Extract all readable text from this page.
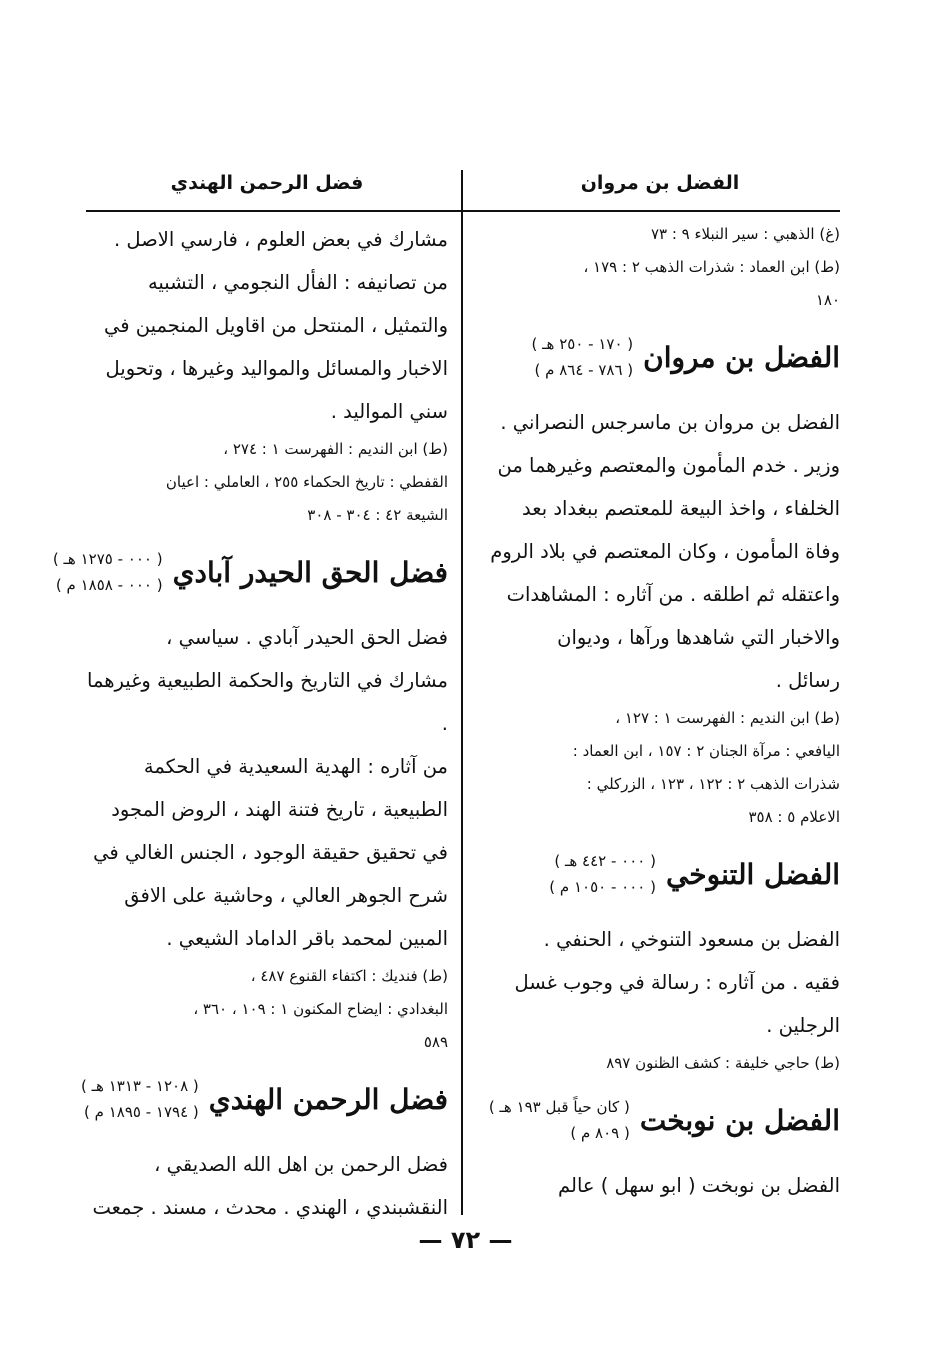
الفضل بن مروان
(غ) الذهبي : سير النبلاء ٩ : ٧٣
(ط) ابن العماد : شذرات الذهب ٢ : ١٧٩ ،
١٨٠
الفضل بن مروان
( ١٧٠ - ٢٥٠ هـ )
( ٧٨٦ - ٨٦٤ م )
الفضل بن مروان بن ماسرجس النصراني .
وزير . خدم المأمون والمعتصم وغيرهما من
الخلفاء ، واخذ البيعة للمعتصم ببغداد بعد
وفاة المأمون ، وكان المعتصم في بلاد الروم
واعتقله ثم اطلقه . من آثاره : المشاهدات
والاخبار التي شاهدها ورآها ، وديوان
رسائل .
(ط) ابن النديم : الفهرست ١ : ١٢٧ ،
اليافعي : مرآة الجنان ٢ : ١٥٧ ، ابن العماد :
شذرات الذهب ٢ : ١٢٢ ، ١٢٣ ، الزركلي :
الاعلام ٥ : ٣٥٨
الفضل التنوخي
( ٠٠٠ - ٤٤٢ هـ )
( ٠٠٠ - ١٠٥٠ م )
الفضل بن مسعود التنوخي ، الحنفي .
فقيه . من آثاره : رسالة في وجوب غسل
الرجلين .
(ط) حاجي خليفة : كشف الظنون ٨٩٧
الفضل بن نوبخت
( كان حياً قبل ١٩٣ هـ )
( ٨٠٩ م )
الفضل بن نوبخت ( ابو سهل ) عالم
فضل الرحمن الهندي
مشارك في بعض العلوم ، فارسي الاصل .
من تصانيفه : الفأل النجومي ، التشبيه
والتمثيل ، المنتحل من اقاويل المنجمين في
الاخبار والمسائل والمواليد وغيرها ، وتحويل
سني المواليد .
(ط) ابن النديم : الفهرست ١ : ٢٧٤ ،
القفطي : تاريخ الحكماء ٢٥٥ ، العاملي : اعيان
الشيعة ٤٢ : ٣٠٤ - ٣٠٨
فضل الحق الحيدر آبادي
( ٠٠٠ - ١٢٧٥ هـ )
( ٠٠٠ - ١٨٥٨ م )
فضل الحق الحيدر آبادي . سياسي ،
مشارك في التاريخ والحكمة الطبيعية وغيرهما .
من آثاره : الهدية السعيدية في الحكمة
الطبيعية ، تاريخ فتنة الهند ، الروض المجود
في تحقيق حقيقة الوجود ، الجنس الغالي في
شرح الجوهر العالي ، وحاشية على الافق
المبين لمحمد باقر الداماد الشيعي .
(ط) فنديك : اكتفاء القنوع ٤٨٧ ،
البغدادي : ايضاح المكنون ١ : ١٠٩ ، ٣٦٠ ،
٥٨٩
فضل الرحمن الهندي
( ١٢٠٨ - ١٣١٣ هـ )
( ١٧٩٤ - ١٨٩٥ م )
فضل الرحمن بن اهل الله الصديقي ،
النقشبندي ، الهندي . محدث ، مسند . جمعت
— ٧٢ —
